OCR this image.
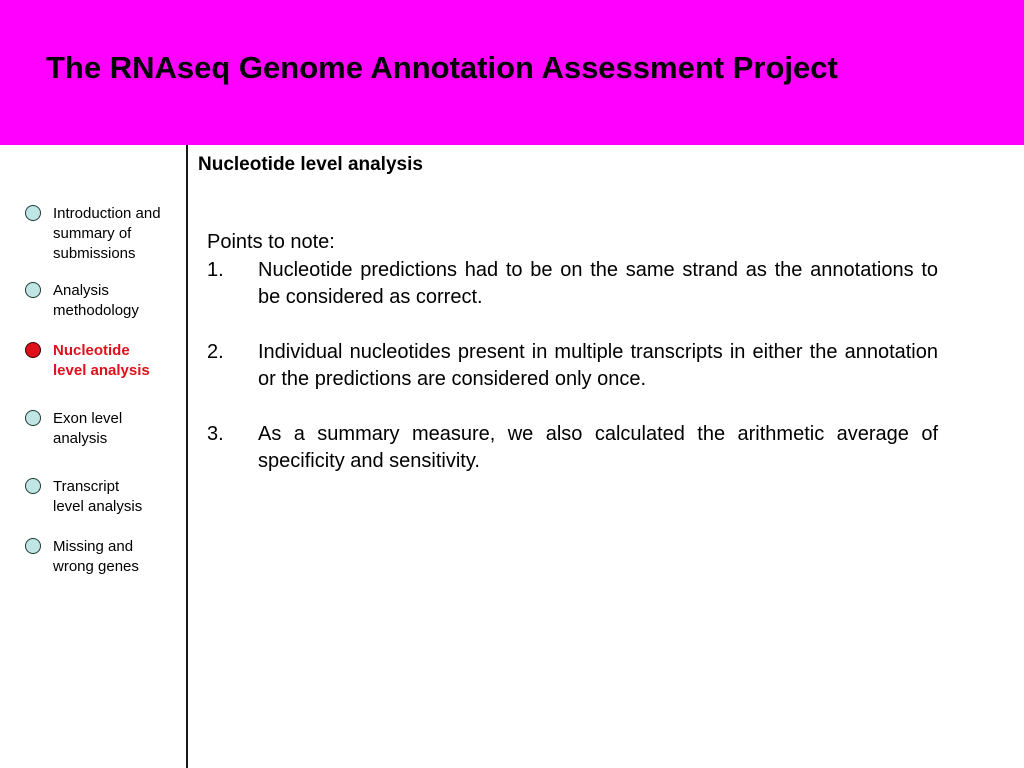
The RNAseq Genome Annotation Assessment Project
Introduction and
summary of
submissions
Analysis
methodology
Nucleotide
level analysis
Exon level
analysis
Transcript
level analysis
Missing and
wrong genes
Nucleotide level analysis

Points to note:

1. Nucleotide predictions had to be on the same strand as the annotations to be considered as correct.
2. Individual nucleotides present in multiple transcripts in either the annotation or the predictions are considered only once.
3. As a summary measure, we also calculated the arithmetic average of specificity and sensitivity.
